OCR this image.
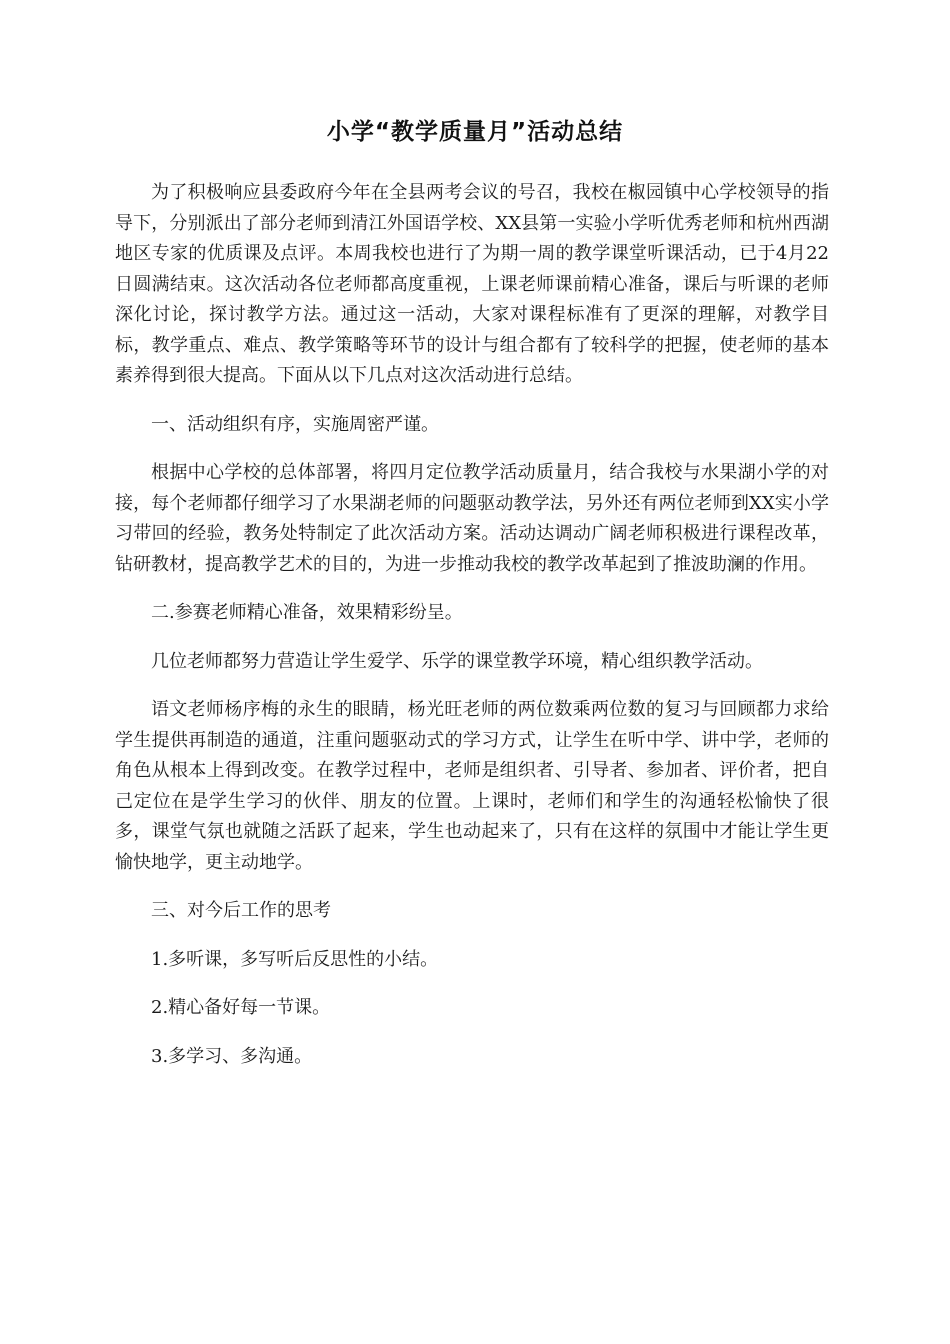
小学“教学质量月”活动总结

为了积极响应县委政府今年在全县两考会议的号召，我校在椒园镇中心学校领导的指导下，分别派出了部分老师到清江外国语学校、XX县第一实验小学听优秀老师和杭州西湖地区专家的优质课及点评。本周我校也进行了为期一周的教学课堂听课活动，已于4月22日圆满结束。这次活动各位老师都高度重视，上课老师课前精心准备，课后与听课的老师深化讨论，探讨教学方法。通过这一活动，大家对课程标准有了更深的理解，对教学目标，教学重点、难点、教学策略等环节的设计与组合都有了较科学的把握，使老师的基本素养得到很大提高。下面从以下几点对这次活动进行总结。

一、活动组织有序，实施周密严谨。

根据中心学校的总体部署，将四月定位教学活动质量月，结合我校与水果湖小学的对接，每个老师都仔细学习了水果湖老师的问题驱动教学法，另外还有两位老师到XX实小学习带回的经验，教务处特制定了此次活动方案。活动达调动广阔老师积极进行课程改革，钻研教材，提高教学艺术的目的，为进一步推动我校的教学改革起到了推波助澜的作用。

二.参赛老师精心准备，效果精彩纷呈。

几位老师都努力营造让学生爱学、乐学的课堂教学环境，精心组织教学活动。

语文老师杨序梅的永生的眼睛，杨光旺老师的两位数乘两位数的复习与回顾都力求给学生提供再制造的通道，注重问题驱动式的学习方式，让学生在听中学、讲中学，老师的角色从根本上得到改变。在教学过程中，老师是组织者、引导者、参加者、评价者，把自己定位在是学生学习的伙伴、朋友的位置。上课时，老师们和学生的沟通轻松愉快了很多，课堂气氛也就随之活跃了起来，学生也动起来了，只有在这样的氛围中才能让学生更愉快地学，更主动地学。

三、对今后工作的思考

1.多听课，多写听后反思性的小结。

2.精心备好每一节课。

3.多学习、多沟通。
